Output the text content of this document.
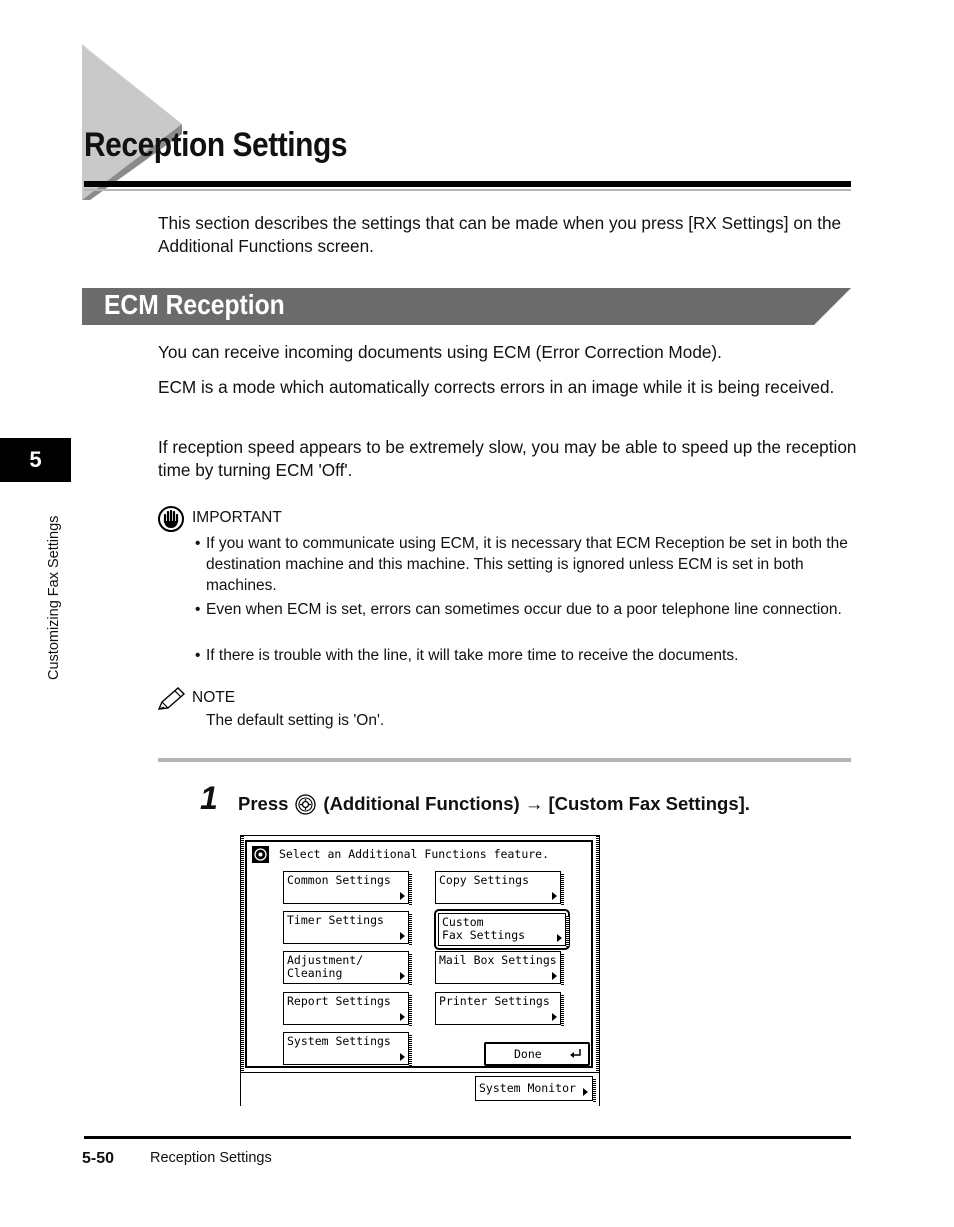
Reception Settings
This section describes the settings that can be made when you press [RX Settings] on the Additional Functions screen.
ECM Reception
You can receive incoming documents using ECM (Error Correction Mode).
ECM is a mode which automatically corrects errors in an image while it is being received.
If reception speed appears to be extremely slow, you may be able to speed up the reception time by turning ECM 'Off'.
IMPORTANT
• If you want to communicate using ECM, it is necessary that ECM Reception be set in both the destination machine and this machine. This setting is ignored unless ECM is set in both machines.
• Even when ECM is set, errors can sometimes occur due to a poor telephone line connection.
• If there is trouble with the line, it will take more time to receive the documents.
NOTE
The default setting is 'On'.
1 Press (Additional Functions) → [Custom Fax Settings].
Select an Additional Functions feature.
Common Settings	Copy Settings
Timer Settings	Custom
Fax Settings
Adjustment/
Cleaning
Mail Box Settings
Report Settings	Printer Settings
System Settings
Done
System Monitor
5
Customizing Fax Settings
5-50 Reception Settings
